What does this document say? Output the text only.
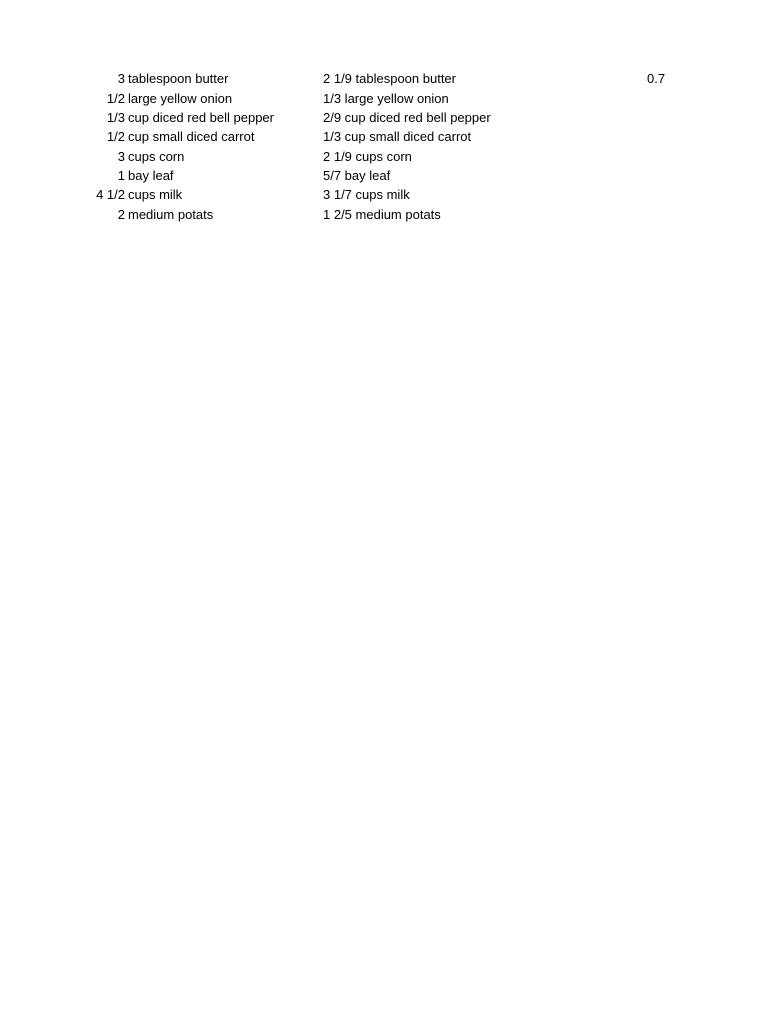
3 tablespoon butter	2 1/9 tablespoon butter	0.7
1/2 large yellow onion	1/3 large yellow onion
1/3 cup diced red bell pepper	2/9 cup diced red bell pepper
1/2 cup small diced carrot	1/3 cup small diced carrot
3 cups corn	2 1/9 cups corn
1 bay leaf	5/7 bay leaf
4 1/2 cups milk	3 1/7 cups milk
2 medium potats	1 2/5 medium potats
